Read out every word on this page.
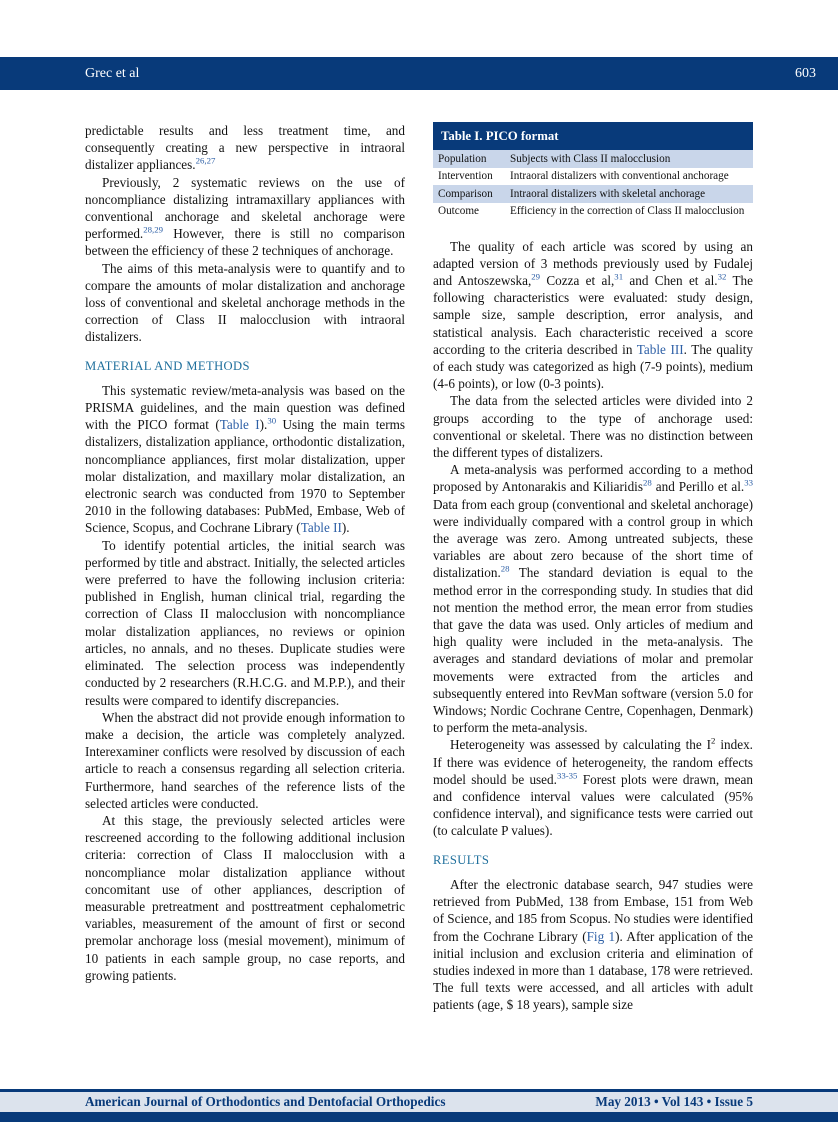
Grec et al	603

predictable results and less treatment time, and consequently creating a new perspective in intraoral distalizer appliances.$^{26,27}$

Previously, 2 systematic reviews on the use of noncompliance distalizing intramaxillary appliances with conventional anchorage and skeletal anchorage were performed.$^{28,29}$ However, there is still no comparison between the efficiency of these 2 techniques of anchorage.

The aims of this meta-analysis were to quantify and to compare the amounts of molar distalization and anchorage loss of conventional and skeletal anchorage methods in the correction of Class II malocclusion with intraoral distalizers.

MATERIAL AND METHODS

This systematic review/meta-analysis was based on the PRISMA guidelines, and the main question was defined with the PICO format (Table I).$^{30}$ Using the main terms distalizers, distalization appliance, orthodontic distalization, noncompliance appliances, first molar distalization, upper molar distalization, and maxillary molar distalization, an electronic search was conducted from 1970 to September 2010 in the following databases: PubMed, Embase, Web of Science, Scopus, and Cochrane Library (Table II).

To identify potential articles, the initial search was performed by title and abstract. Initially, the selected articles were preferred to have the following inclusion criteria: published in English, human clinical trial, regarding the correction of Class II malocclusion with noncompliance molar distalization appliances, no reviews or opinion articles, no annals, and no theses. Duplicate studies were eliminated. The selection process was independently conducted by 2 researchers (R.H.C.G. and M.P.P.), and their results were compared to identify discrepancies.

When the abstract did not provide enough information to make a decision, the article was completely analyzed. Interexaminer conflicts were resolved by discussion of each article to reach a consensus regarding all selection criteria. Furthermore, hand searches of the reference lists of the selected articles were conducted.

At this stage, the previously selected articles were rescreened according to the following additional inclusion criteria: correction of Class II malocclusion with a noncompliance molar distalization appliance without concomitant use of other appliances, description of measurable pretreatment and posttreatment cephalometric variables, measurement of the amount of first or second premolar anchorage loss (mesial movement), minimum of 10 patients in each sample group, no case reports, and growing patients.

Table I. PICO format
Population	Subjects with Class II malocclusion
Intervention	Intraoral distalizers with conventional anchorage
Comparison	Intraoral distalizers with skeletal anchorage
Outcome	Efficiency in the correction of Class II malocclusion

The quality of each article was scored by using an adapted version of 3 methods previously used by Fudalej and Antoszewska,$^{29}$ Cozza et al,$^{31}$ and Chen et al.$^{32}$ The following characteristics were evaluated: study design, sample size, sample description, error analysis, and statistical analysis. Each characteristic received a score according to the criteria described in Table III. The quality of each study was categorized as high (7-9 points), medium (4-6 points), or low (0-3 points).

The data from the selected articles were divided into 2 groups according to the type of anchorage used: conventional or skeletal. There was no distinction between the different types of distalizers.

A meta-analysis was performed according to a method proposed by Antonarakis and Kiliaridis$^{28}$ and Perillo et al.$^{33}$ Data from each group (conventional and skeletal anchorage) were individually compared with a control group in which the average was zero. Among untreated subjects, these variables are about zero because of the short time of distalization.$^{28}$ The standard deviation is equal to the method error in the corresponding study. In studies that did not mention the method error, the mean error from studies that gave the data was used. Only articles of medium and high quality were included in the meta-analysis. The averages and standard deviations of molar and premolar movements were extracted from the articles and subsequently entered into RevMan software (version 5.0 for Windows; Nordic Cochrane Centre, Copenhagen, Denmark) to perform the meta-analysis.

Heterogeneity was assessed by calculating the $I^2$ index. If there was evidence of heterogeneity, the random effects model should be used.$^{33-35}$ Forest plots were drawn, mean and confidence interval values were calculated (95% confidence interval), and significance tests were carried out (to calculate P values).

RESULTS

After the electronic database search, 947 studies were retrieved from PubMed, 138 from Embase, 151 from Web of Science, and 185 from Scopus. No studies were identified from the Cochrane Library (Fig 1). After application of the initial inclusion and exclusion criteria and elimination of studies indexed in more than 1 database, 178 were retrieved. The full texts were accessed, and all articles with adult patients (age, $ 18 years), sample size

American Journal of Orthodontics and Dentofacial Orthopedics	May 2013 • Vol 143 • Issue 5
